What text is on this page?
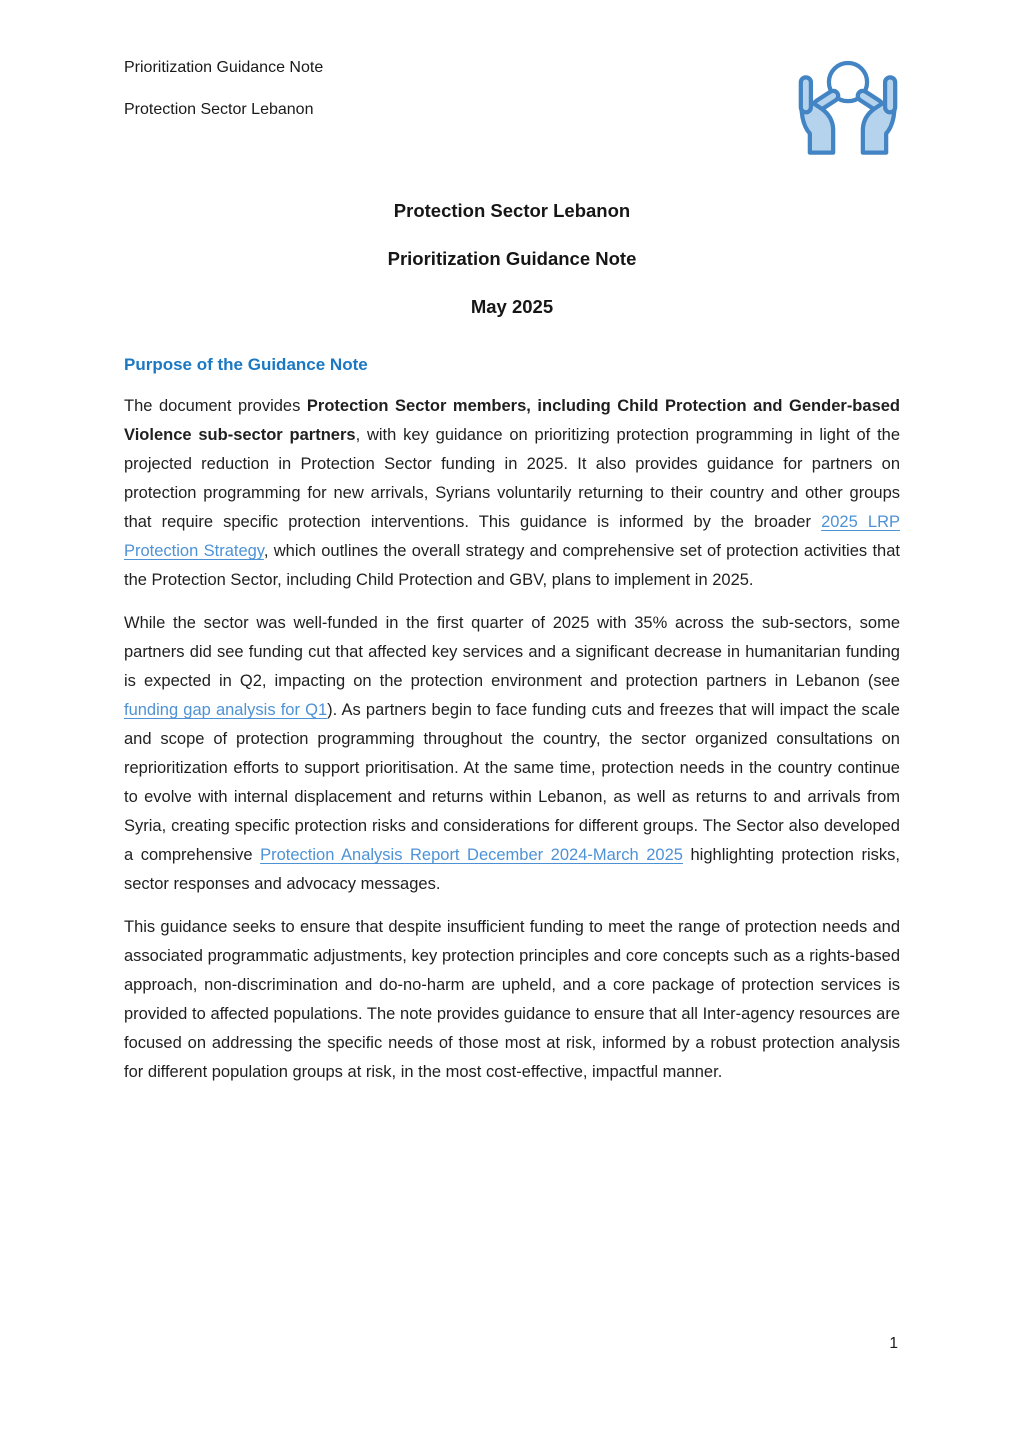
Prioritization Guidance Note
Protection Sector Lebanon
Protection Sector Lebanon
Prioritization Guidance Note
May 2025
Purpose of the Guidance Note

The document provides Protection Sector members, including Child Protection and Gender-based Violence sub-sector partners, with key guidance on prioritizing protection programming in light of the projected reduction in Protection Sector funding in 2025. It also provides guidance for partners on protection programming for new arrivals, Syrians voluntarily returning to their country and other groups that require specific protection interventions. This guidance is informed by the broader 2025 LRP Protection Strategy, which outlines the overall strategy and comprehensive set of protection activities that the Protection Sector, including Child Protection and GBV, plans to implement in 2025.

While the sector was well-funded in the first quarter of 2025 with 35% across the sub-sectors, some partners did see funding cut that affected key services and a significant decrease in humanitarian funding is expected in Q2, impacting on the protection environment and protection partners in Lebanon (see funding gap analysis for Q1). As partners begin to face funding cuts and freezes that will impact the scale and scope of protection programming throughout the country, the sector organized consultations on reprioritization efforts to support prioritisation. At the same time, protection needs in the country continue to evolve with internal displacement and returns within Lebanon, as well as returns to and arrivals from Syria, creating specific protection risks and considerations for different groups. The Sector also developed a comprehensive Protection Analysis Report December 2024-March 2025 highlighting protection risks, sector responses and advocacy messages.

This guidance seeks to ensure that despite insufficient funding to meet the range of protection needs and associated programmatic adjustments, key protection principles and core concepts such as a rights-based approach, non-discrimination and do-no-harm are upheld, and a core package of protection services is provided to affected populations. The note provides guidance to ensure that all Inter-agency resources are focused on addressing the specific needs of those most at risk, informed by a robust protection analysis for different population groups at risk, in the most cost-effective, impactful manner.

1
